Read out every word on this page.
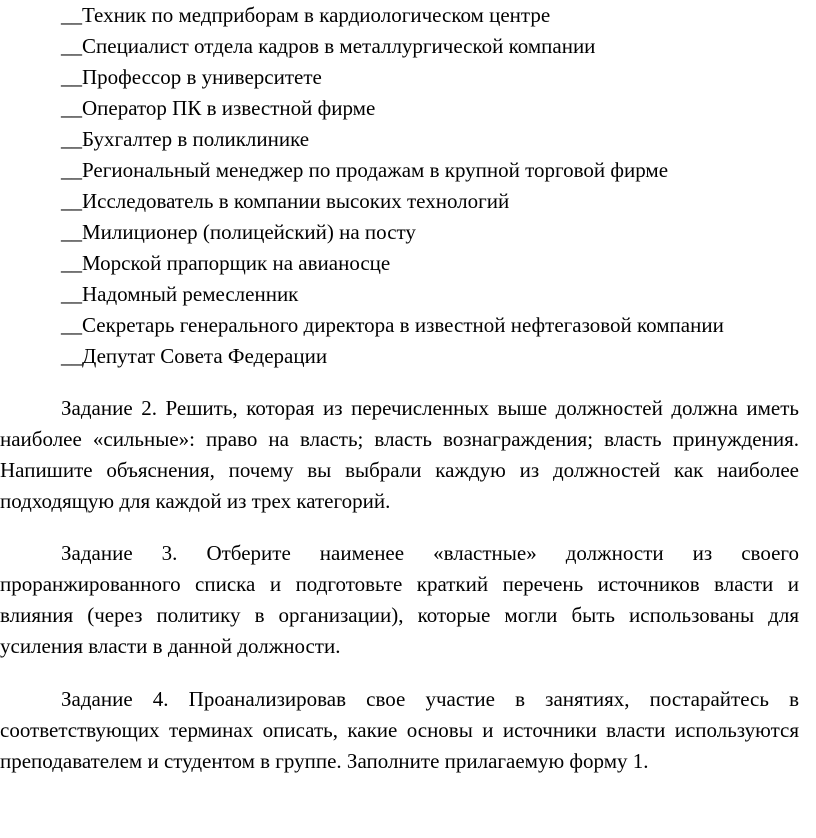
__Техник по медприборам в кардиологическом центре
__Специалист отдела кадров в металлургической компании
__Профессор в университете
__Оператор ПК в известной фирме
__Бухгалтер в поликлинике
__Региональный менеджер по продажам в крупной торговой фирме
__Исследователь в компании высоких технологий
__Милиционер (полицейский) на посту
__Морской прапорщик на авианосце
__Надомный ремесленник
__Секретарь генерального директора в известной нефтегазовой компании
__Депутат Совета Федерации

Задание 2. Решить, которая из перечисленных выше должностей должна иметь наиболее «сильные»: право на власть; власть вознаграждения; власть принуждения. Напишите объяснения, почему вы выбрали каждую из должностей как наиболее подходящую для каждой из трех категорий.

Задание 3. Отберите наименее «властные» должности из своего проранжированного списка и подготовьте краткий перечень источников власти и влияния (через политику в организации), которые могли быть использованы для усиления власти в данной должности.

Задание 4. Проанализировав свое участие в занятиях, постарайтесь в соответствующих терминах описать, какие основы и источники власти используются преподавателем и студентом в группе. Заполните прилагаемую форму 1.
